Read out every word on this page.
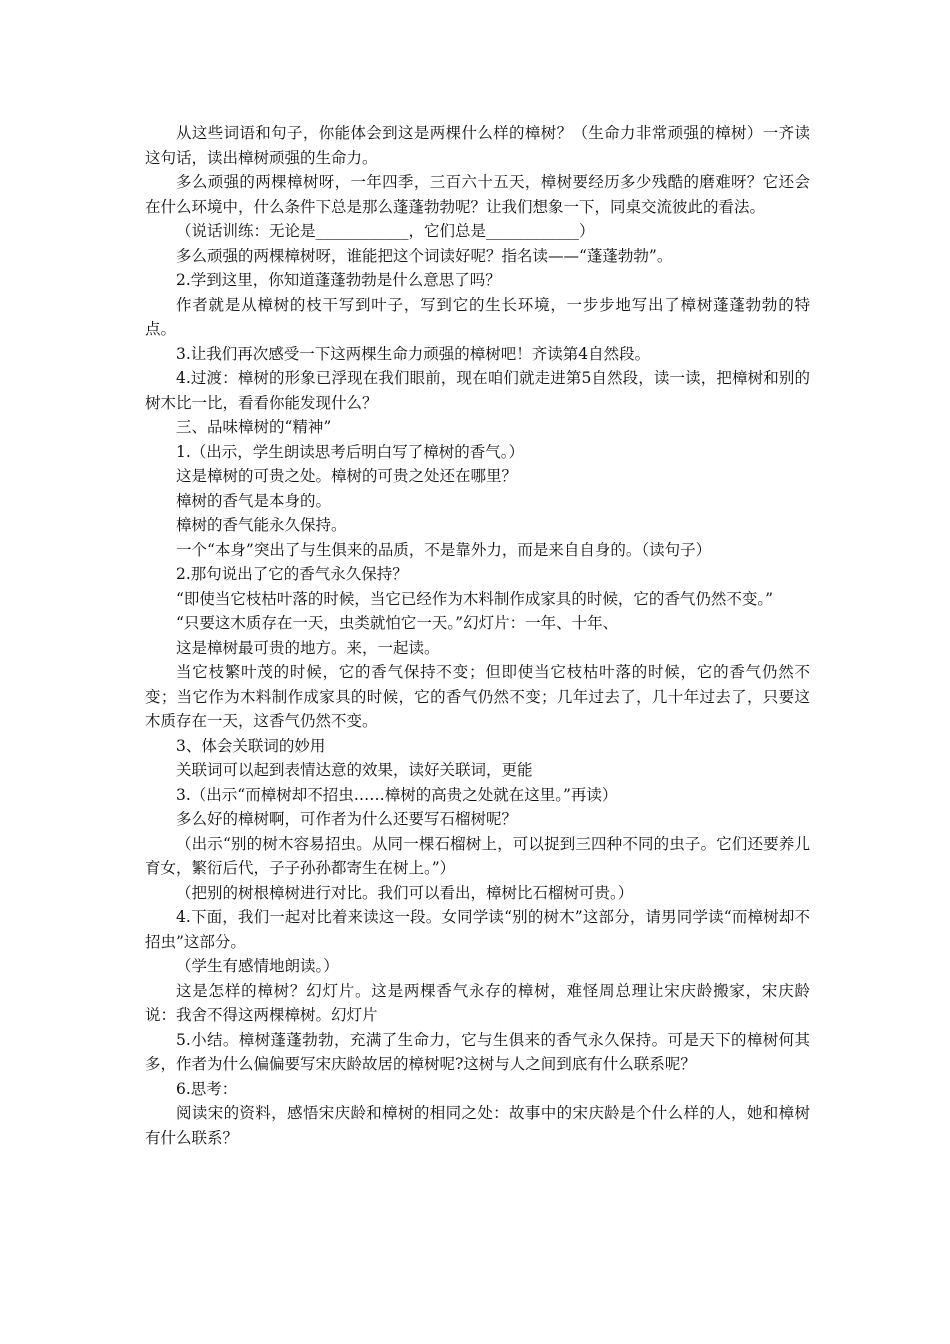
从这些词语和句子，你能体会到这是两棵什么样的樟树？（生命力非常顽强的樟树）一齐读这句话，读出樟树顽强的生命力。

多么顽强的两棵樟树呀，一年四季，三百六十五天，樟树要经历多少残酷的磨难呀？它还会在什么环境中，什么条件下总是那么蓬蓬勃勃呢？让我们想象一下，同桌交流彼此的看法。

（说话训练：无论是____________，它们总是____________）

多么顽强的两棵樟树呀，谁能把这个词读好呢？指名读——“蓬蓬勃勃”。

2.学到这里，你知道蓬蓬勃勃是什么意思了吗？

作者就是从樟树的枝干写到叶子，写到它的生长环境，一步步地写出了樟树蓬蓬勃勃的特点。

3.让我们再次感受一下这两棵生命力顽强的樟树吧！齐读第4自然段。

4.过渡：樟树的形象已浮现在我们眼前，现在咱们就走进第5自然段，读一读，把樟树和别的树木比一比，看看你能发现什么？

三、品味樟树的“精神”

1.（出示，学生朗读思考后明白写了樟树的香气。）

这是樟树的可贵之处。樟树的可贵之处还在哪里？

樟树的香气是本身的。

樟树的香气能永久保持。

一个“本身”突出了与生俱来的品质，不是靠外力，而是来自自身的。（读句子）

2.那句说出了它的香气永久保持？

“即使当它枝枯叶落的时候，当它已经作为木料制作成家具的时候，它的香气仍然不变。”

“只要这木质存在一天，虫类就怕它一天。”幻灯片：一年、十年、

这是樟树最可贵的地方。来，一起读。

当它枝繁叶茂的时候，它的香气保持不变；但即使当它枝枯叶落的时候，它的香气仍然不变；当它作为木料制作成家具的时候，它的香气仍然不变；几年过去了，几十年过去了，只要这木质存在一天，这香气仍然不变。

3、体会关联词的妙用

关联词可以起到表情达意的效果，读好关联词，更能

3.（出示“而樟树却不招虫……樟树的高贵之处就在这里。”再读）

多么好的樟树啊，可作者为什么还要写石榴树呢？

（出示“别的树木容易招虫。从同一棵石榴树上，可以捉到三四种不同的虫子。它们还要养儿育女，繁衍后代，子子孙孙都寄生在树上。”）

（把别的树根樟树进行对比。我们可以看出，樟树比石榴树可贵。）

4.下面，我们一起对比着来读这一段。女同学读“别的树木”这部分，请男同学读“而樟树却不招虫”这部分。

（学生有感情地朗读。）

这是怎样的樟树？幻灯片。这是两棵香气永存的樟树，难怪周总理让宋庆龄搬家，宋庆龄说：我舍不得这两棵樟树。幻灯片

5.小结。樟树蓬蓬勃勃，充满了生命力，它与生俱来的香气永久保持。可是天下的樟树何其多，作者为什么偏偏要写宋庆龄故居的樟树呢?这树与人之间到底有什么联系呢？

6.思考：

阅读宋的资料，感悟宋庆龄和樟树的相同之处：故事中的宋庆龄是个什么样的人，她和樟树有什么联系？
